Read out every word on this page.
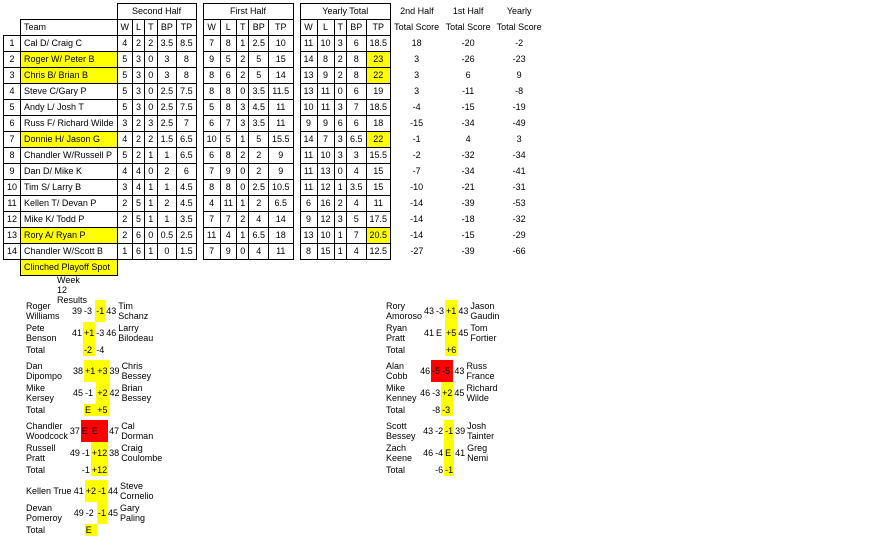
		Second Half						First Half						Yearly Total					2nd Half	1st Half	Yearly
	Team	W	L	T	BP	TP		W	L	T	BP	TP		W	L	T	BP	TP	Total Score	Total Score	Total Score
1	Cal D/ Craig C	4	2	2	3.5	8.5		7	8	1	2.5	10		11	10	3	6	18.5	18	-20	-2
2	Roger W/ Peter B	5	3	0	3	8		9	5	2	5	15		14	8	2	8	23	3	-26	-23
3	Chris B/ Brian B	5	3	0	3	8		8	6	2	5	14		13	9	2	8	22	3	6	9
4	Steve C/Gary P	5	3	0	2.5	7.5		8	8	0	3.5	11.5		13	11	0	6	19	3	-11	-8
5	Andy L/ Josh T	5	3	0	2.5	7.5		5	8	3	4.5	11		10	11	3	7	18.5	-4	-15	-19
6	Russ F/ Richard Wilde	3	2	3	2.5	7		6	7	3	3.5	11		9	9	6	6	18	-15	-34	-49
7	Donnie H/ Jason G	4	2	2	1.5	6.5		10	5	1	5	15.5		14	7	3	6.5	22	-1	4	3
8	Chandler W/Russell P	5	2	1	1	6.5		6	8	2	2	9		11	10	3	3	15.5	-2	-32	-34
9	Dan D/ Mike K	4	4	0	2	6		7	9	0	2	9		11	13	0	4	15	-7	-34	-41
10	Tim S/ Larry B	3	4	1	1	4.5		8	8	0	2.5	10.5		11	12	1	3.5	15	-10	-21	-31
11	Kellen T/ Devan P	2	5	1	2	4.5		4	11	1	2	6.5		6	16	2	4	11	-14	-39	-53
12	Mike K/ Todd P	2	5	1	1	3.5		7	7	2	4	14		9	12	3	5	17.5	-14	-18	-32
13	Rory A/ Ryan P	2	6	0	0.5	2.5		11	4	1	6.5	18		13	10	1	7	20.5	-14	-15	-29
14	Chandler W/Scott B	1	6	1	0	1.5		7	9	0	4	11		8	15	1	4	12.5	-27	-39	-66
	Clinched Playoff Spot																				
Week 12 Results
Roger Williams	39	-3	-1	43	Tim Schanz
Pete Benson	41	+1	-3	46	Larry Bilodeau
Total		-2	-4		
Dan Dipompo	38	+1	+3	39	Chris Bessey
Mike Kersey	45	-1	+2	42	Brian Bessey
Total		E	+5		
Chandler Woodcock	37	E	E	47	Cal Dorman
Russell Pratt	49	-1	+12	38	Craig Coulombe
Total		-1	+12		
Kellen True	41	+2	-1	44	Steve Cornelio
Devan Pomeroy	49	-2	-1	45	Gary Paling
Total		E			
Rory Amoroso	43	-3	+1	43	Jason Gaudin
Ryan Pratt	41	E	+5	45	Tom Fortier
Total			+6		
Alan Cobb	46	-5	-5	43	Russ France
Mike Kenney	46	-3	+2	45	Richard Wilde
Total		-8	-3		
Scott Bessey	43	-2	-1	39	Josh Tainter
Zach Keene	46	-4	E	41	Greg Nemi
Total		-6	-1		
